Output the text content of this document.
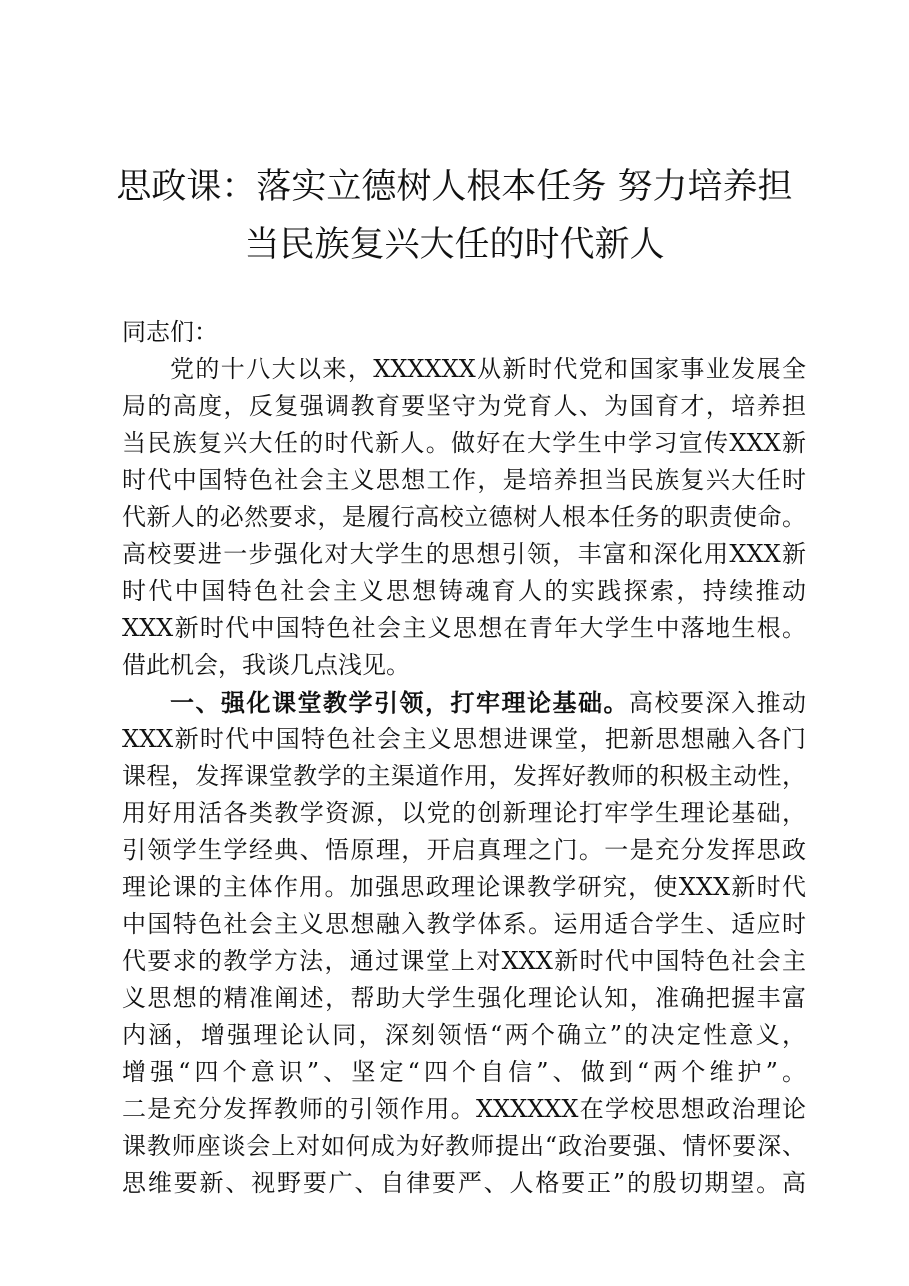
思政课：落实立德树人根本任务 努力培养担
当民族复兴大任的时代新人
同志们：
党的十八大以来，XXXXXX从新时代党和国家事业发展全
局的高度，反复强调教育要坚守为党育人、为国育才，培养担
当民族复兴大任的时代新人。做好在大学生中学习宣传XXX新
时代中国特色社会主义思想工作，是培养担当民族复兴大任时
代新人的必然要求，是履行高校立德树人根本任务的职责使命。
高校要进一步强化对大学生的思想引领，丰富和深化用XXX新
时代中国特色社会主义思想铸魂育人的实践探索，持续推动
XXX新时代中国特色社会主义思想在青年大学生中落地生根。
借此机会，我谈几点浅见。
一、强化课堂教学引领，打牢理论基础。高校要深入推动
XXX新时代中国特色社会主义思想进课堂，把新思想融入各门
课程，发挥课堂教学的主渠道作用，发挥好教师的积极主动性，
用好用活各类教学资源，以党的创新理论打牢学生理论基础，
引领学生学经典、悟原理，开启真理之门。一是充分发挥思政
理论课的主体作用。加强思政理论课教学研究，使XXX新时代
中国特色社会主义思想融入教学体系。运用适合学生、适应时
代要求的教学方法，通过课堂上对XXX新时代中国特色社会主
义思想的精准阐述，帮助大学生强化理论认知，准确把握丰富
内涵，增强理论认同，深刻领悟“两个确立”的决定性意义，
增强“四个意识”、坚定“四个自信”、做到“两个维护”。
二是充分发挥教师的引领作用。XXXXXX在学校思想政治理论
课教师座谈会上对如何成为好教师提出“政治要强、情怀要深、
思维要新、视野要广、自律要严、人格要正”的殷切期望。高
